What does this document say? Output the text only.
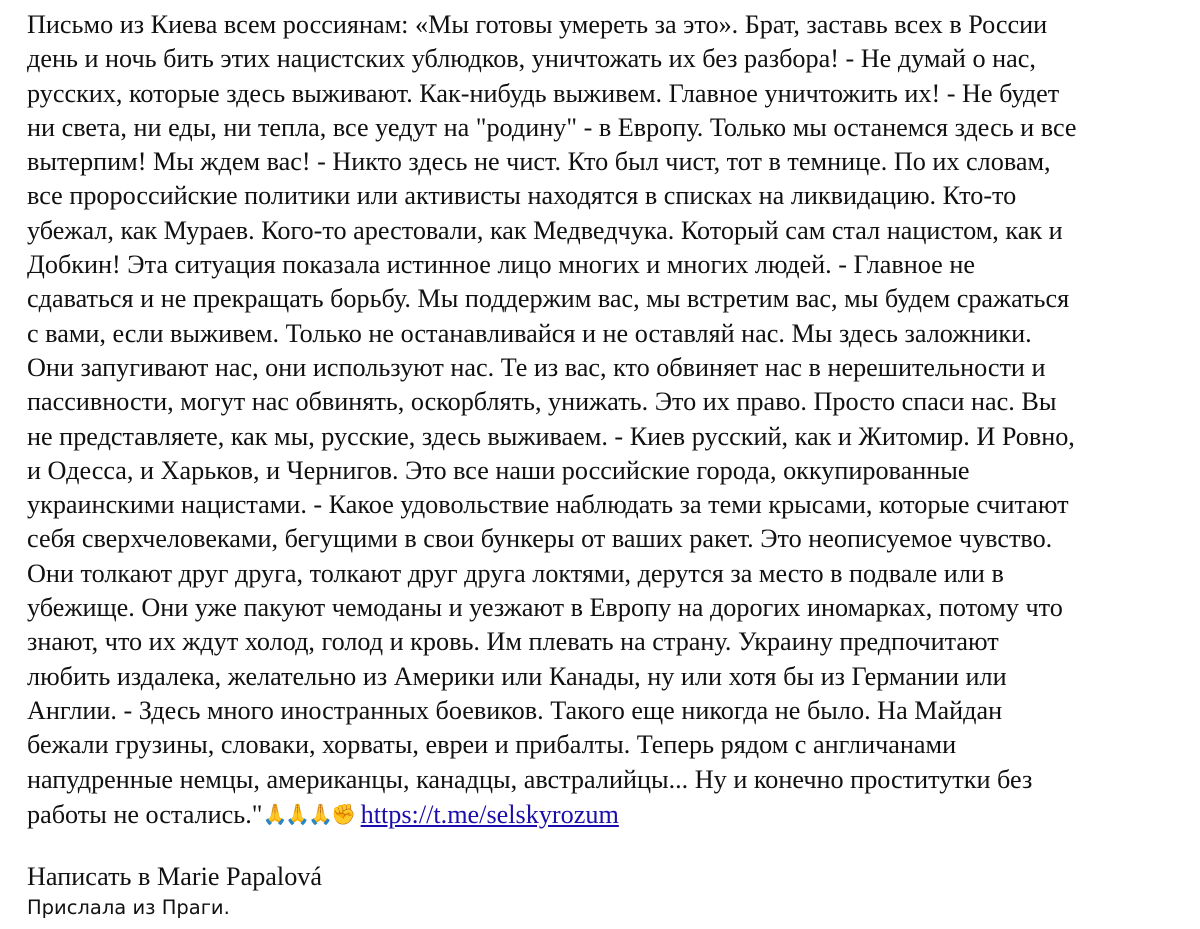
Письмо из Киева всем россиянам: «Мы готовы умереть за это». Брат, заставь всех в России
день и ночь бить этих нацистских ублюдков, уничтожать их без разбора! - Не думай о нас,
русских, которые здесь выживают. Как-нибудь выживем. Главное уничтожить их! - Не будет
ни света, ни еды, ни тепла, все уедут на "родину" - в Европу. Только мы останемся здесь и все
вытерпим! Мы ждем вас! - Никто здесь не чист. Кто был чист, тот в темнице. По их словам,
все пророссийские политики или активисты находятся в списках на ликвидацию. Кто-то
убежал, как Мураев. Кого-то арестовали, как Медведчука. Который сам стал нацистом, как и
Добкин! Эта ситуация показала истинное лицо многих и многих людей. - Главное не
сдаваться и не прекращать борьбу. Мы поддержим вас, мы встретим вас, мы будем сражаться
с вами, если выживем. Только не останавливайся и не оставляй нас. Мы здесь заложники.
Они запугивают нас, они используют нас. Те из вас, кто обвиняет нас в нерешительности и
пассивности, могут нас обвинять, оскорблять, унижать. Это их право. Просто спаси нас. Вы
не представляете, как мы, русские, здесь выживаем. - Киев русский, как и Житомир. И Ровно,
и Одесса, и Харьков, и Чернигов. Это все наши российские города, оккупированные
украинскими нацистами. - Какое удовольствие наблюдать за теми крысами, которые считают
себя сверхчеловеками, бегущими в свои бункеры от ваших ракет. Это неописуемое чувство.
Они толкают друг друга, толкают друг друга локтями, дерутся за место в подвале или в
убежище. Они уже пакуют чемоданы и уезжают в Европу на дорогих иномарках, потому что
знают, что их ждут холод, голод и кровь. Им плевать на страну. Украину предпочитают
любить издалека, желательно из Америки или Канады, ну или хотя бы из Германии или
Англии. - Здесь много иностранных боевиков. Такого еще никогда не было. На Майдан
бежали грузины, словаки, хорваты, евреи и прибалты. Теперь рядом с англичанами
напудренные немцы, американцы, канадцы, австралийцы... Ну и конечно проститутки без
работы не остались."🙏🙏🙏✊ https://t.me/selskyrozum

Написать в Marie Papalová

Прислала из Праги.
